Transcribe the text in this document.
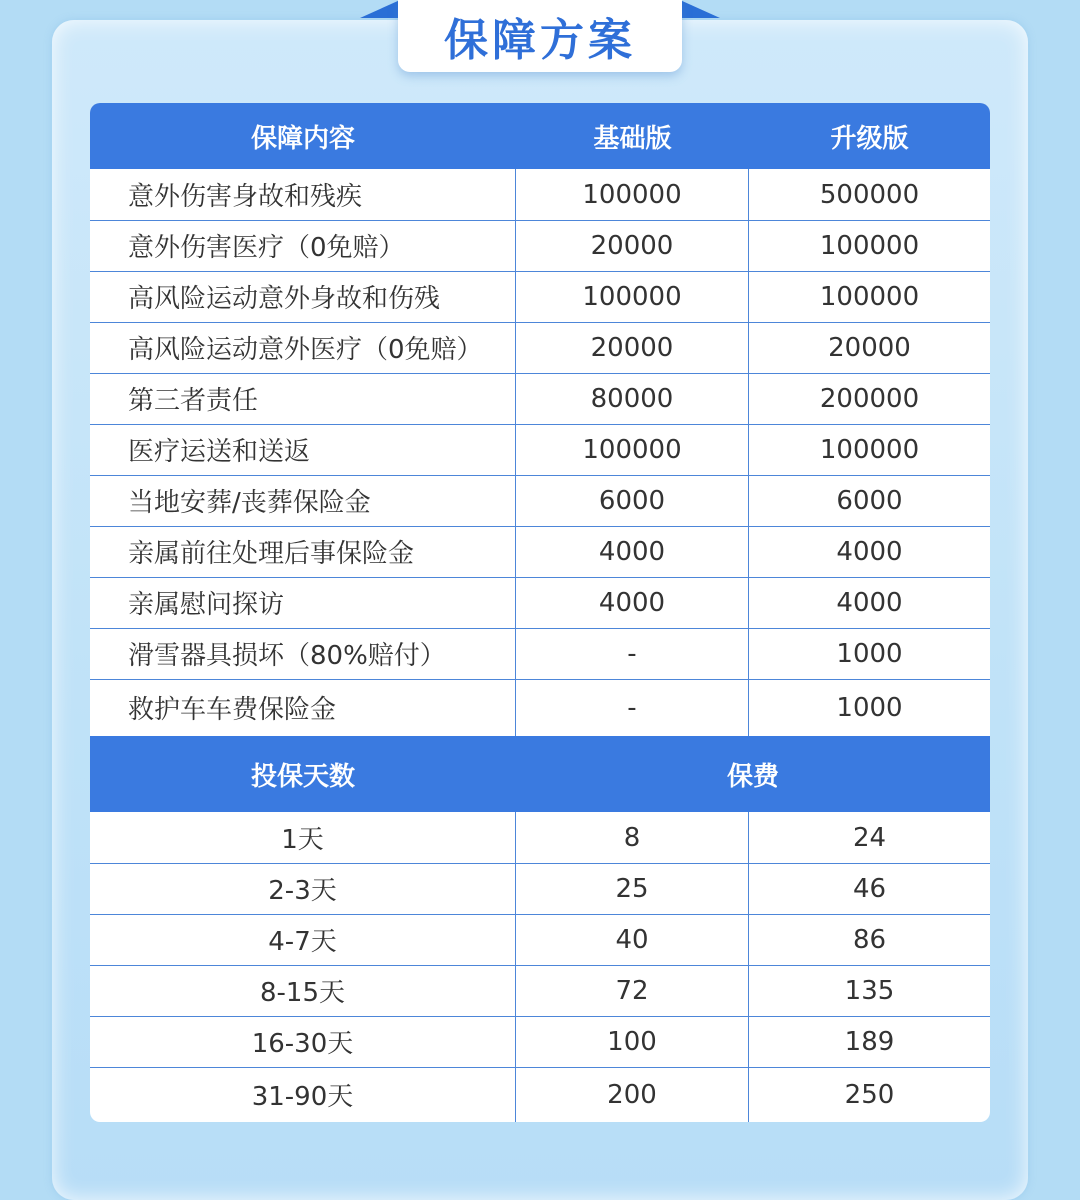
保障方案
保障内容	基础版	升级版
意外伤害身故和残疾	100000	500000
意外伤害医疗（0免赔）	20000	100000
高风险运动意外身故和伤残	100000	100000
高风险运动意外医疗（0免赔）	20000	20000
第三者责任	80000	200000
医疗运送和送返	100000	100000
当地安葬/丧葬保险金	6000	6000
亲属前往处理后事保险金	4000	4000
亲属慰问探访	4000	4000
滑雪器具损坏（80%赔付）	-	1000
救护车车费保险金	-	1000
投保天数	保费
1天	8	24
2-3天	25	46
4-7天	40	86
8-15天	72	135
16-30天	100	189
31-90天	200	250
